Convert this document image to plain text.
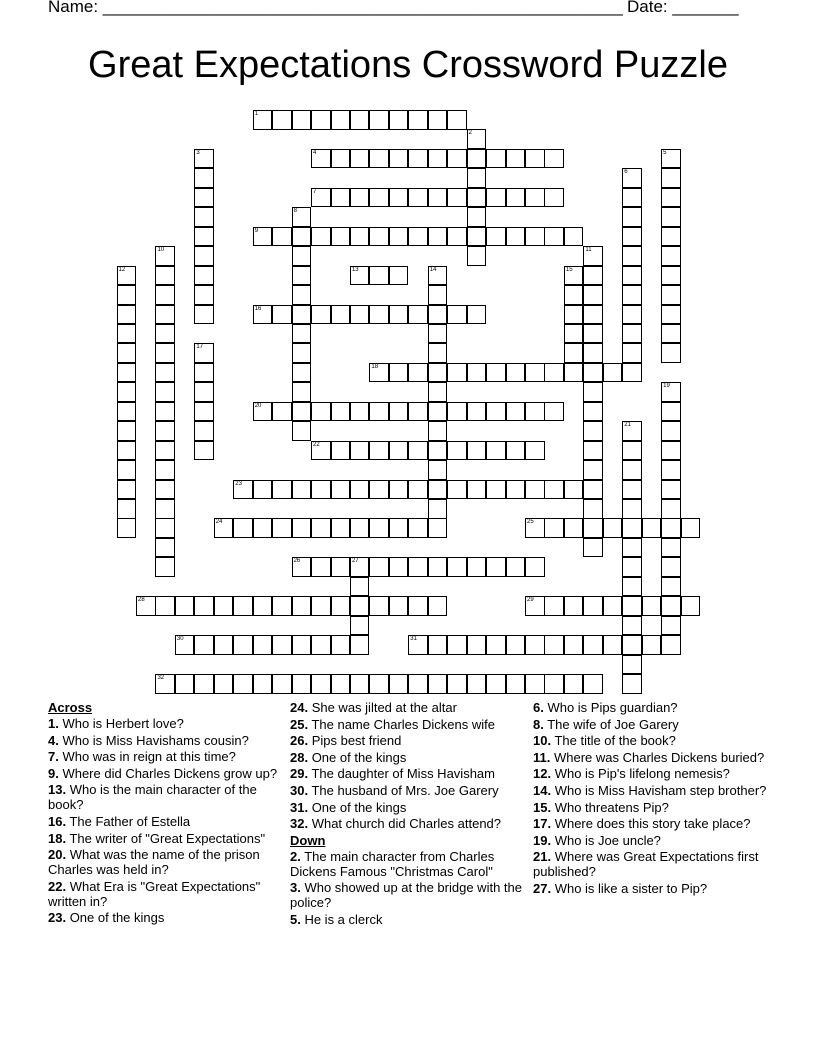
Name: _______________________________________________________ Date: _______
Great Expectations Crossword Puzzle
1
2
3	4	5
6
7
8
9
10	11
12	13	14	15
16
17
18
19
20
21
22
23
24	25
26	27
28	29
30	31
32
Across
1. Who is Herbert love?
4. Who is Miss Havishams cousin?
7. Who was in reign at this time?
9. Where did Charles Dickens grow up?
13. Who is the main character of the book?
16. The Father of Estella
18. The writer of "Great Expectations"
20. What was the name of the prison Charles was held in?
22. What Era is "Great Expectations" written in?
23. One of the kings
24. She was jilted at the altar
25. The name Charles Dickens wife
26. Pips best friend
28. One of the kings
29. The daughter of Miss Havisham
30. The husband of Mrs. Joe Garery
31. One of the kings
32. What church did Charles attend?
Down
2. The main character from Charles Dickens Famous "Christmas Carol"
3. Who showed up at the bridge with the police?
5. He is a clerck
6. Who is Pips guardian?
8. The wife of Joe Garery
10. The title of the book?
11. Where was Charles Dickens buried?
12. Who is Pip's lifelong nemesis?
14. Who is Miss Havisham step brother?
15. Who threatens Pip?
17. Where does this story take place?
19. Who is Joe uncle?
21. Where was Great Expectations first published?
27. Who is like a sister to Pip?
